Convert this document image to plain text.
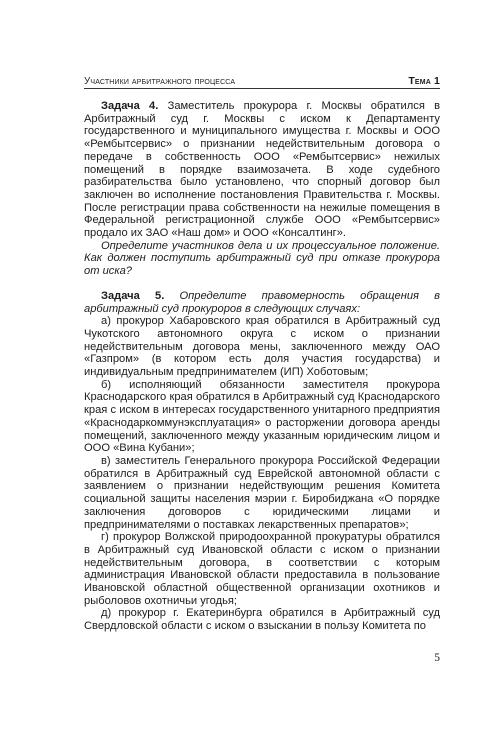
Участники арбитражного процесса	Тема 1

Задача 4. Заместитель прокурора г. Москвы обратился в Арбитражный суд г. Москвы с иском к Департаменту государственного и муниципального имущества г. Москвы и ООО «Рембытсервис» о признании недействительным договора о передаче в собственность ООО «Рембытсервис» нежилых помещений в порядке взаимозачета. В ходе судебного разбирательства было установлено, что спорный договор был заключен во исполнение постановления Правительства г. Москвы. После регистрации права собственности на нежилые помещения в Федеральной регистрационной службе ООО «Рембытсервис» продало их ЗАО «Наш дом» и ООО «Консалтинг».

Определите участников дела и их процессуальное положение. Как должен поступить арбитражный суд при отказе прокурора от иска?

Задача 5. Определите правомерность обращения в арбитражный суд прокуроров в следующих случаях:

а) прокурор Хабаровского края обратился в Арбитражный суд Чукотского автономного округа с иском о признании недействительным договора мены, заключенного между ОАО «Газпром» (в котором есть доля участия государства) и индивидуальным предпринимателем (ИП) Хоботовым;

б) исполняющий обязанности заместителя прокурора Краснодарского края обратился в Арбитражный суд Краснодарского края с иском в интересах государственного унитарного предприятия «Краснодаркоммунэксплуатация» о расторжении договора аренды помещений, заключенного между указанным юридическим лицом и ООО «Вина Кубани»;

в) заместитель Генерального прокурора Российской Федерации обратился в Арбитражный суд Еврейской автономной области с заявлением о признании недействующим решения Комитета социальной защиты населения мэрии г. Биробиджана «О порядке заключения договоров с юридическими лицами и предпринимателями о поставках лекарственных препаратов»;

г) прокурор Волжской природоохранной прокуратуры обратился в Арбитражный суд Ивановской области с иском о признании недействительным договора, в соответствии с которым администрация Ивановской области предоставила в пользование Ивановской областной общественной организации охотников и рыболовов охотничьи угодья;

д) прокурор г. Екатеринбурга обратился в Арбитражный суд Свердловской области с иском о взыскании в пользу Комитета по

5
